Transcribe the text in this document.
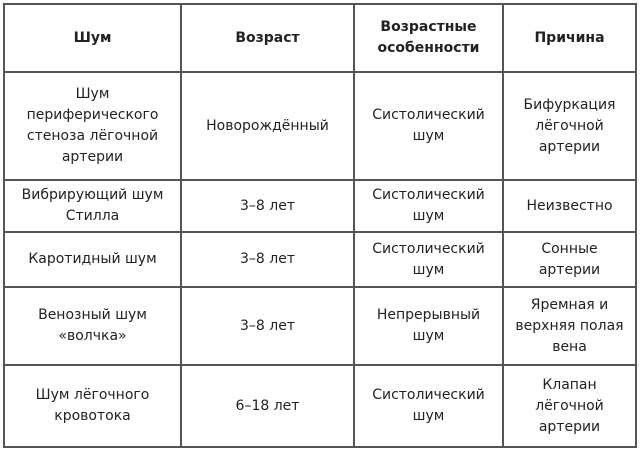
Шум	Возраст	Возрастные особенности	Причина
Шум периферического стеноза лёгочной артерии	Новорождённый	Систолический шум	Бифуркация лёгочной артерии
Вибрирующий шум Стилла	3–8 лет	Систолический шум	Неизвестно
Каротидный шум	3–8 лет	Систолический шум	Сонные артерии
Венозный шум «волчка»	3–8 лет	Непрерывный шум	Яремная и верхняя полая вена
Шум лёгочного кровотока	6–18 лет	Систолический шум	Клапан лёгочной артерии
